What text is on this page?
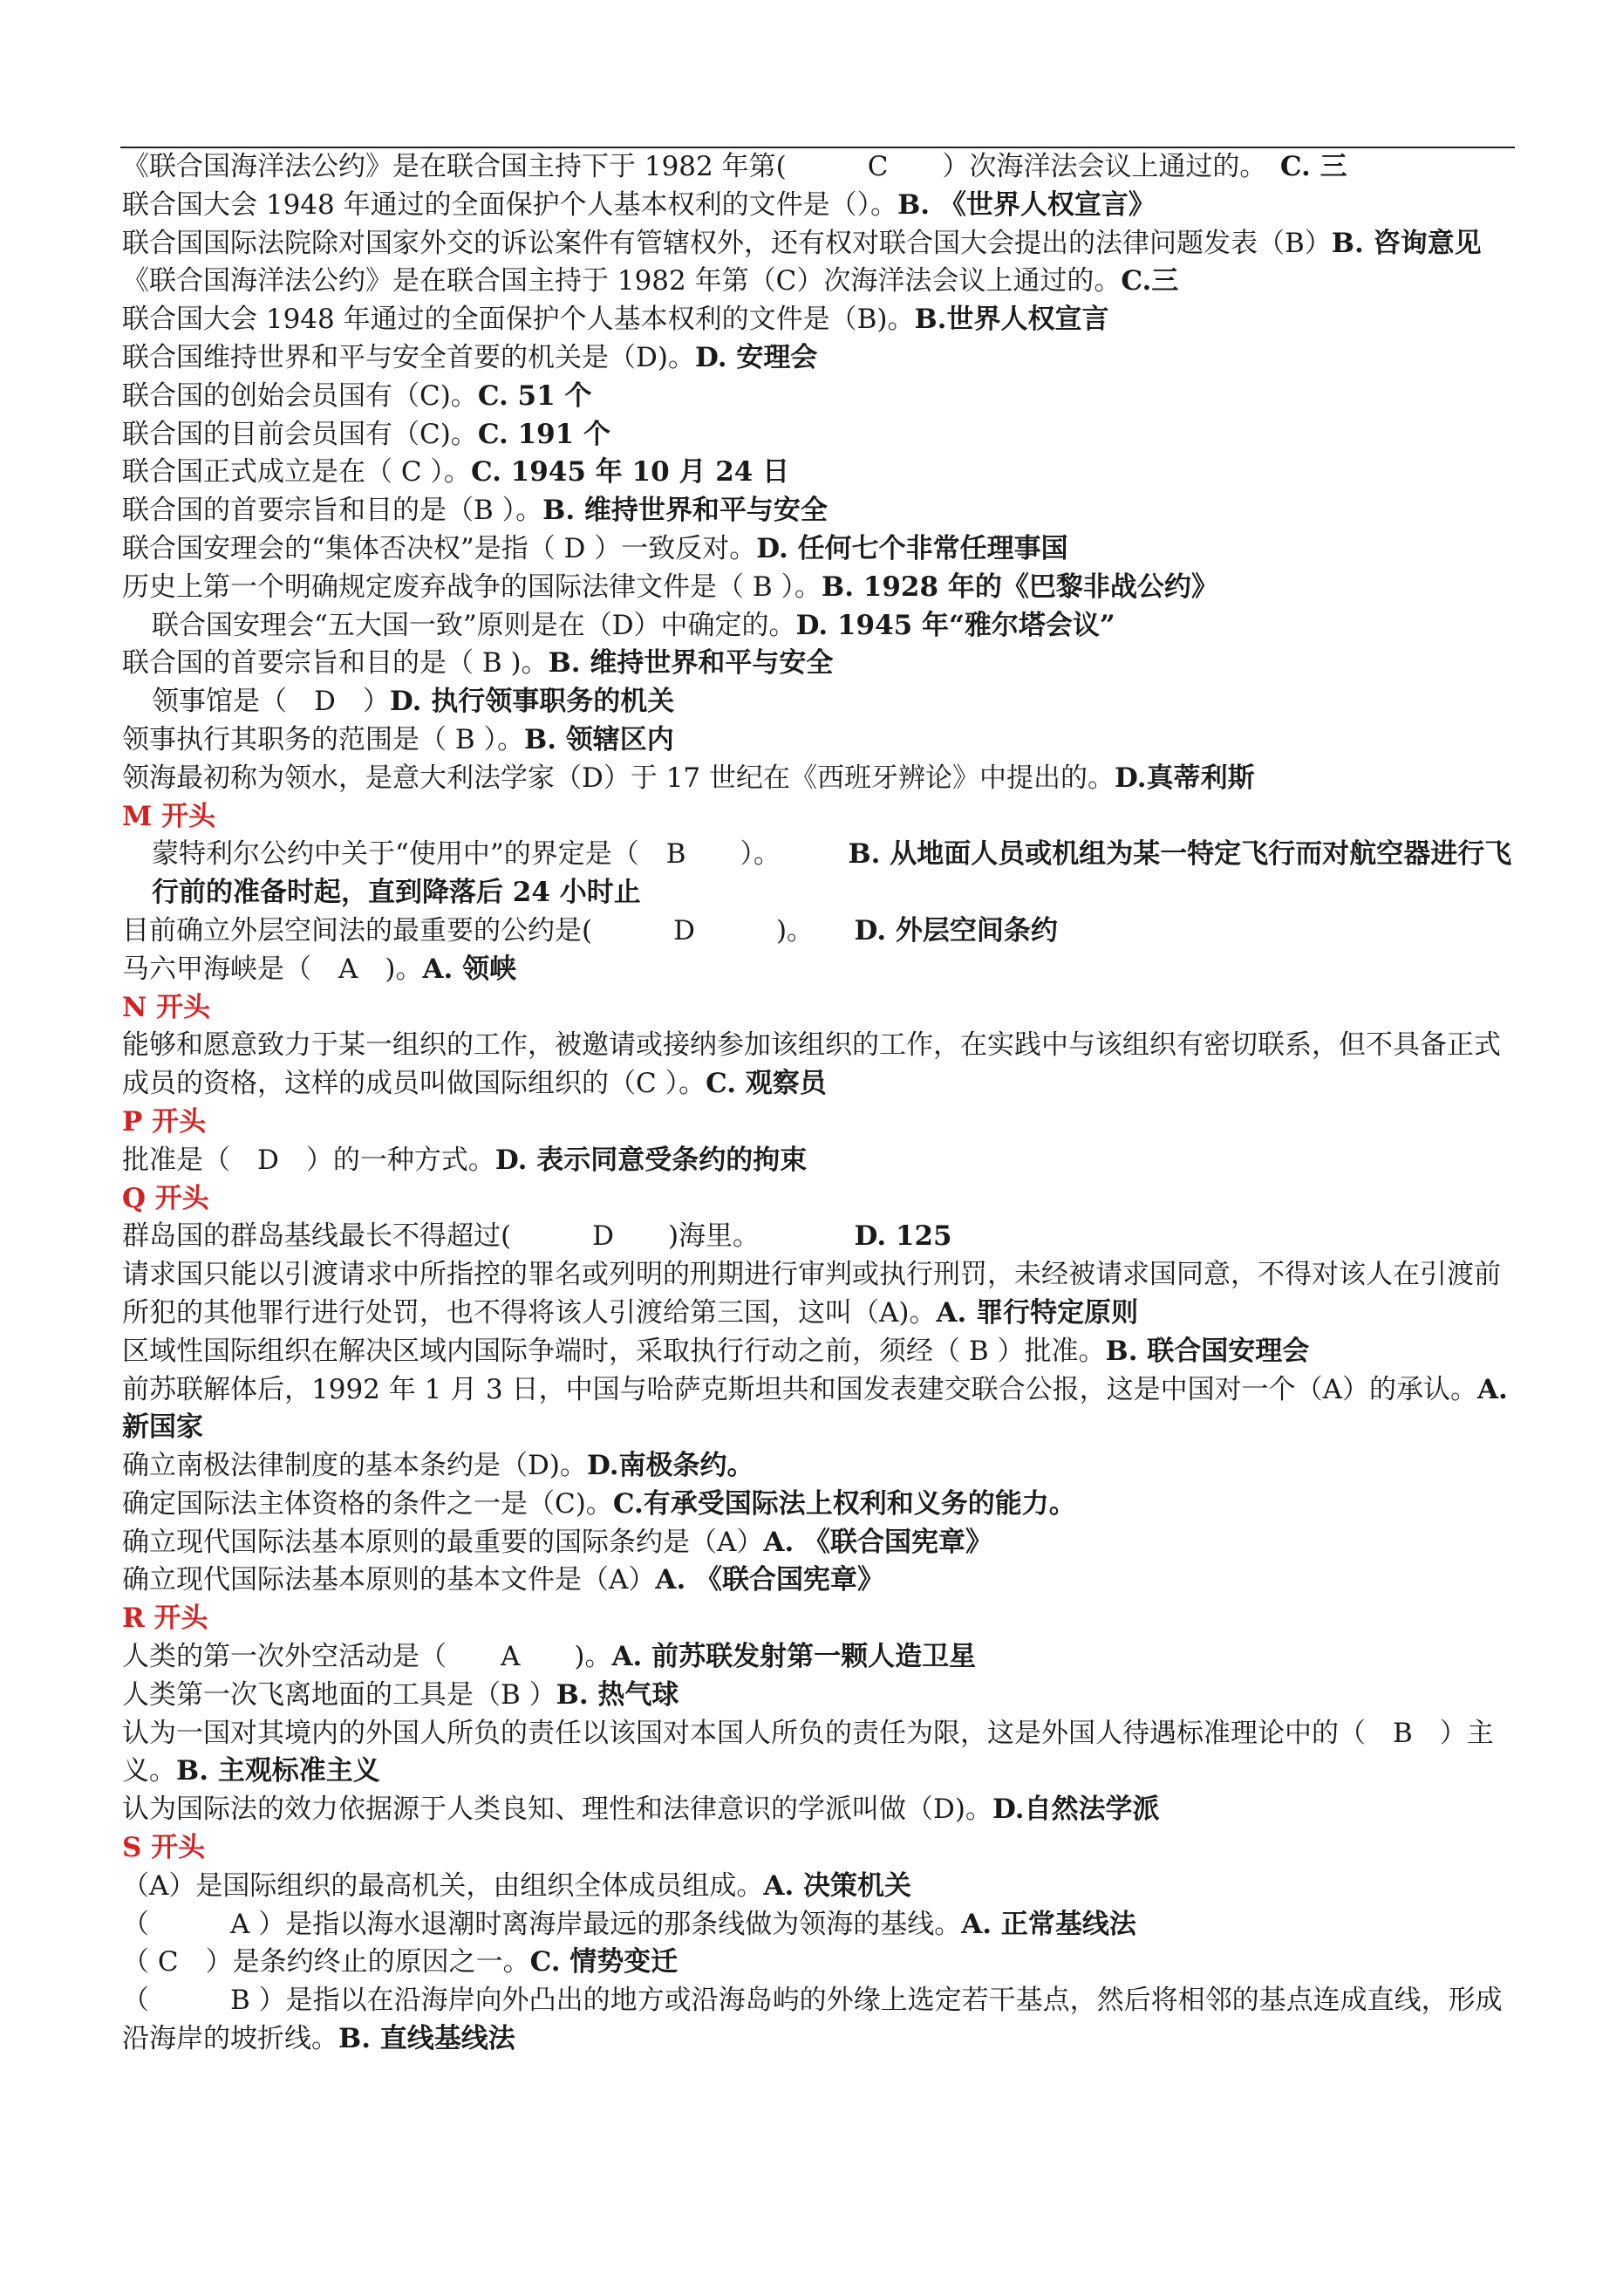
《联合国海洋法公约》是在联合国主持下于 1982 年第(　　　C　　）次海洋法会议上通过的。　C. 三

联合国大会 1948 年通过的全面保护个人基本权利的文件是（）。B. 《世界人权宣言》

联合国国际法院除对国家外交的诉讼案件有管辖权外，还有权对联合国大会提出的法律问题发表（B）B. 咨询意见

《联合国海洋法公约》是在联合国主持于 1982 年第（C）次海洋法会议上通过的。C.三

联合国大会 1948 年通过的全面保护个人基本权利的文件是（B)。B.世界人权宣言

联合国维持世界和平与安全首要的机关是（D)。D. 安理会

联合国的创始会员国有（C)。C. 51 个

联合国的目前会员国有（C)。C. 191 个

联合国正式成立是在（ C ）。C. 1945 年 10 月 24 日

联合国的首要宗旨和目的是（B ）。B. 维持世界和平与安全

联合国安理会的“集体否决权”是指（ D ）一致反对。D. 任何七个非常任理事国

历史上第一个明确规定废弃战争的国际法律文件是（ B ）。B. 1928 年的《巴黎非战公约》

联合国安理会“五大国一致”原则是在（D）中确定的。D. 1945 年“雅尔塔会议”

联合国的首要宗旨和目的是（ B )。B. 维持世界和平与安全

领事馆是（　D　）D. 执行领事职务的机关

领事执行其职务的范围是（ B ）。B. 领辖区内

领海最初称为领水，是意大利法学家（D）于 17 世纪在《西班牙辨论》中提出的。D.真蒂利斯

M 开头

蒙特利尔公约中关于“使用中”的界定是（　B　　）。　　　B. 从地面人员或机组为某一特定飞行而对航空器进行飞行前的准备时起，直到降落后 24 小时止

目前确立外层空间法的最重要的公约是(　　　D　　　)。　　D. 外层空间条约

马六甲海峡是（　A　)。A. 领峡

N 开头

能够和愿意致力于某一组织的工作，被邀请或接纳参加该组织的工作，在实践中与该组织有密切联系，但不具备正式成员的资格，这样的成员叫做国际组织的（C ）。C. 观察员

P 开头

批准是（　D　）的一种方式。D. 表示同意受条约的拘束

Q 开头

群岛国的群岛基线最长不得超过(　　　D　　)海里。　　　　D. 125

请求国只能以引渡请求中所指控的罪名或列明的刑期进行审判或执行刑罚，未经被请求国同意，不得对该人在引渡前所犯的其他罪行进行处罚，也不得将该人引渡给第三国，这叫（A)。A. 罪行特定原则

区域性国际组织在解决区域内国际争端时，采取执行行动之前，须经（ B ）批准。B. 联合国安理会

前苏联解体后，1992 年 1 月 3 日，中国与哈萨克斯坦共和国发表建交联合公报，这是中国对一个（A）的承认。A.新国家

确立南极法律制度的基本条约是（D)。D.南极条约。

确定国际法主体资格的条件之一是（C)。C.有承受国际法上权利和义务的能力。

确立现代国际法基本原则的最重要的国际条约是（A）A. 《联合国宪章》

确立现代国际法基本原则的基本文件是（A）A. 《联合国宪章》

R 开头

人类的第一次外空活动是（　　A　　)。A. 前苏联发射第一颗人造卫星

人类第一次飞离地面的工具是（B ）B. 热气球

认为一国对其境内的外国人所负的责任以该国对本国人所负的责任为限，这是外国人待遇标准理论中的（　B　）主义。B. 主观标准主义

认为国际法的效力依据源于人类良知、理性和法律意识的学派叫做（D)。D.自然法学派

S 开头

（A）是国际组织的最高机关，由组织全体成员组成。A. 决策机关

（　　　A ）是指以海水退潮时离海岸最远的那条线做为领海的基线。A. 正常基线法

（ C　）是条约终止的原因之一。C. 情势变迁

（　　　B ）是指以在沿海岸向外凸出的地方或沿海岛屿的外缘上选定若干基点，然后将相邻的基点连成直线，形成沿海岸的坡折线。B. 直线基线法
